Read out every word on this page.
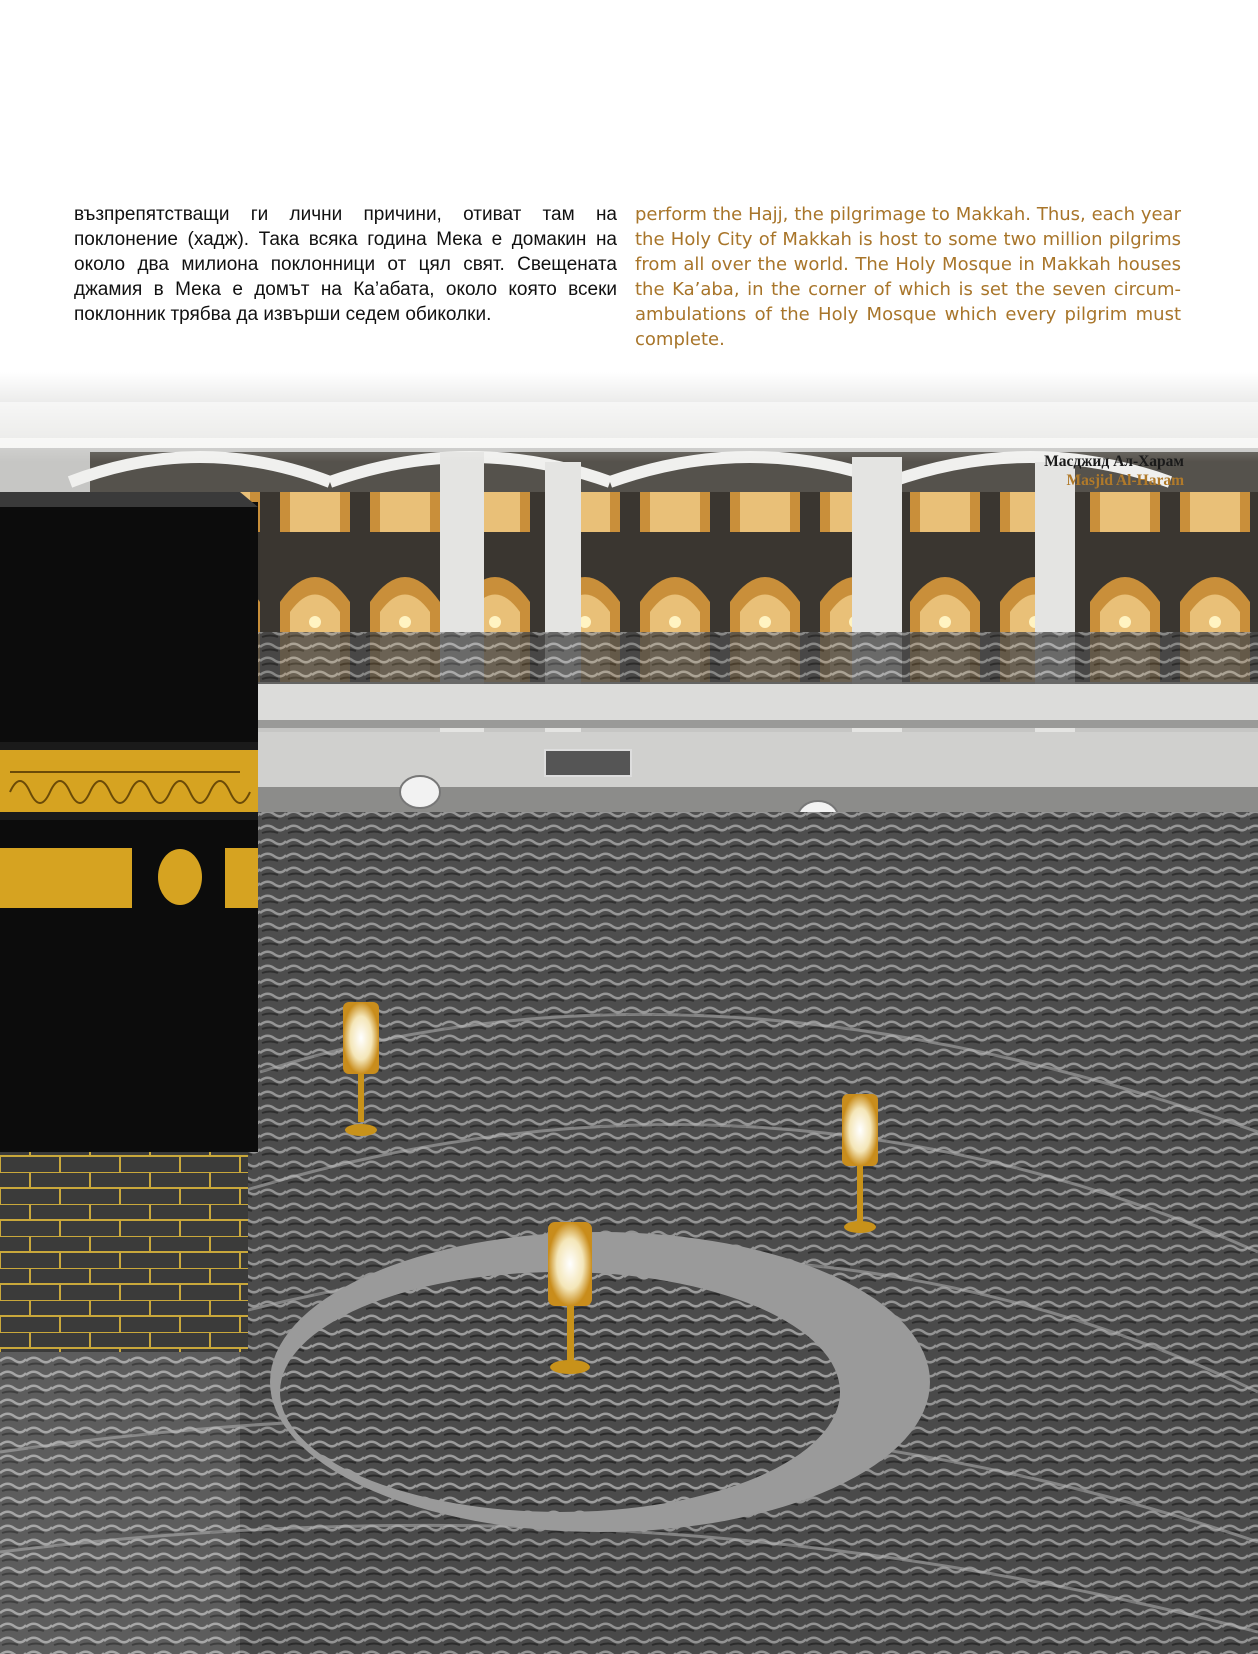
възпрепятстващи ги лични причини, отиват там на поклонение (хадж). Така всяка година Мека е домакин на около два милиона поклонници от цял свят. Свещената джамия в Мека е домът на Ка’абата, около която всеки поклонник трябва да извърши седем обиколки.
perform the Hajj, the pilgrimage to Makkah. Thus, each year the Holy City of Makkah is host to some two million pilgrims from all over the world. The Holy Mosque in Makkah houses the Ka’aba, in the corner of which is set the seven circum-ambulations of the Holy Mosque which every pilgrim must complete.
Масджид Ал-Харам
Masjid Al-Haram
